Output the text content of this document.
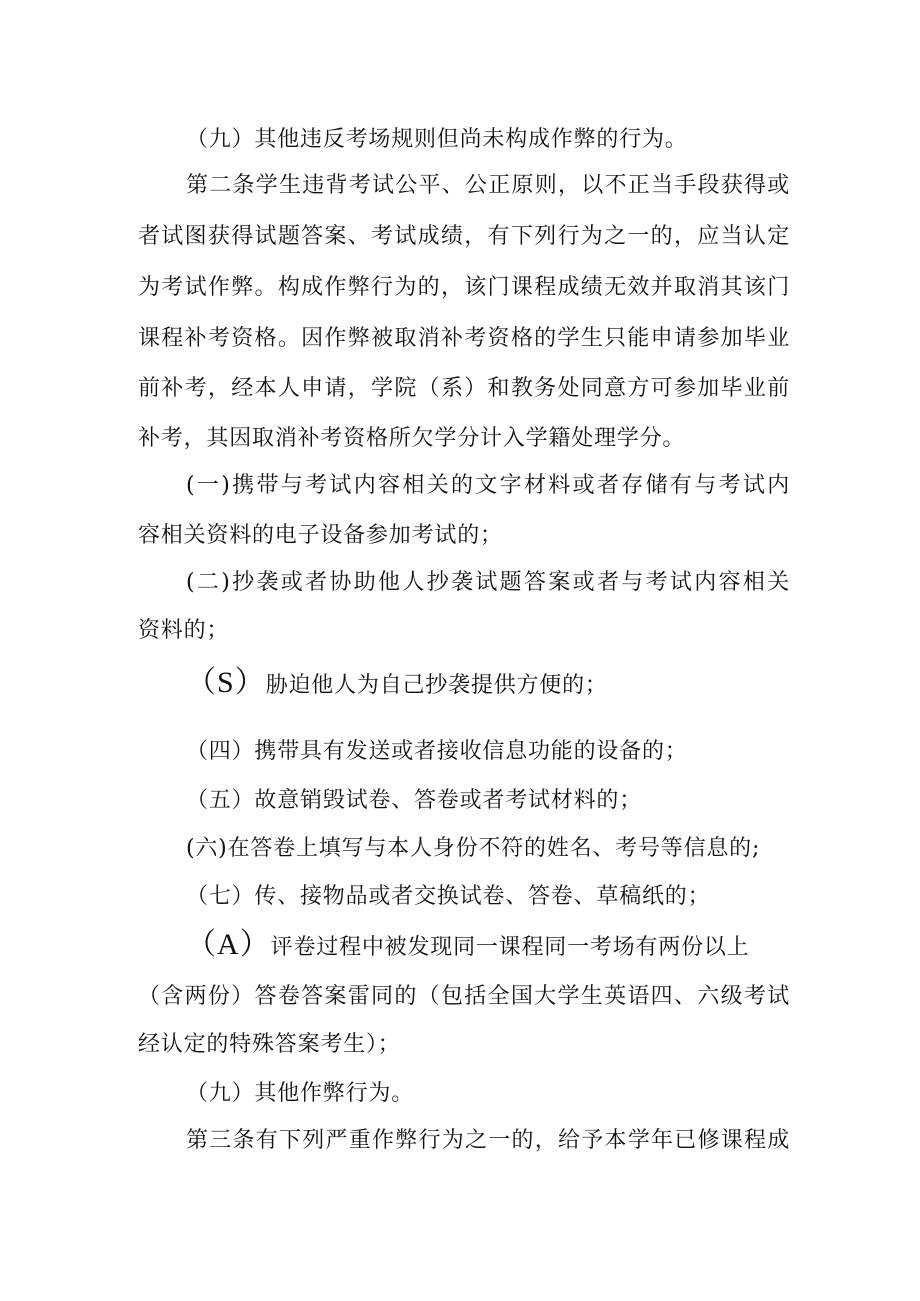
（九）其他违反考场规则但尚未构成作弊的行为。
第二条学生违背考试公平、公正原则，以不正当手段获得或
者试图获得试题答案、考试成绩，有下列行为之一的，应当认定
为考试作弊。构成作弊行为的，该门课程成绩无效并取消其该门
课程补考资格。因作弊被取消补考资格的学生只能申请参加毕业
前补考，经本人申请，学院（系）和教务处同意方可参加毕业前
补考，其因取消补考资格所欠学分计入学籍处理学分。
(一)携带与考试内容相关的文字材料或者存储有与考试内
容相关资料的电子设备参加考试的；
(二)抄袭或者协助他人抄袭试题答案或者与考试内容相关
资料的；
（S）胁迫他人为自己抄袭提供方便的；
（四）携带具有发送或者接收信息功能的设备的；
（五）故意销毁试卷、答卷或者考试材料的；
(六)在答卷上填写与本人身份不符的姓名、考号等信息的;
（七）传、接物品或者交换试卷、答卷、草稿纸的；
（A）评卷过程中被发现同一课程同一考场有两份以上
（含两份）答卷答案雷同的（包括全国大学生英语四、六级考试
经认定的特殊答案考生）；
（九）其他作弊行为。
第三条有下列严重作弊行为之一的，给予本学年已修课程成
